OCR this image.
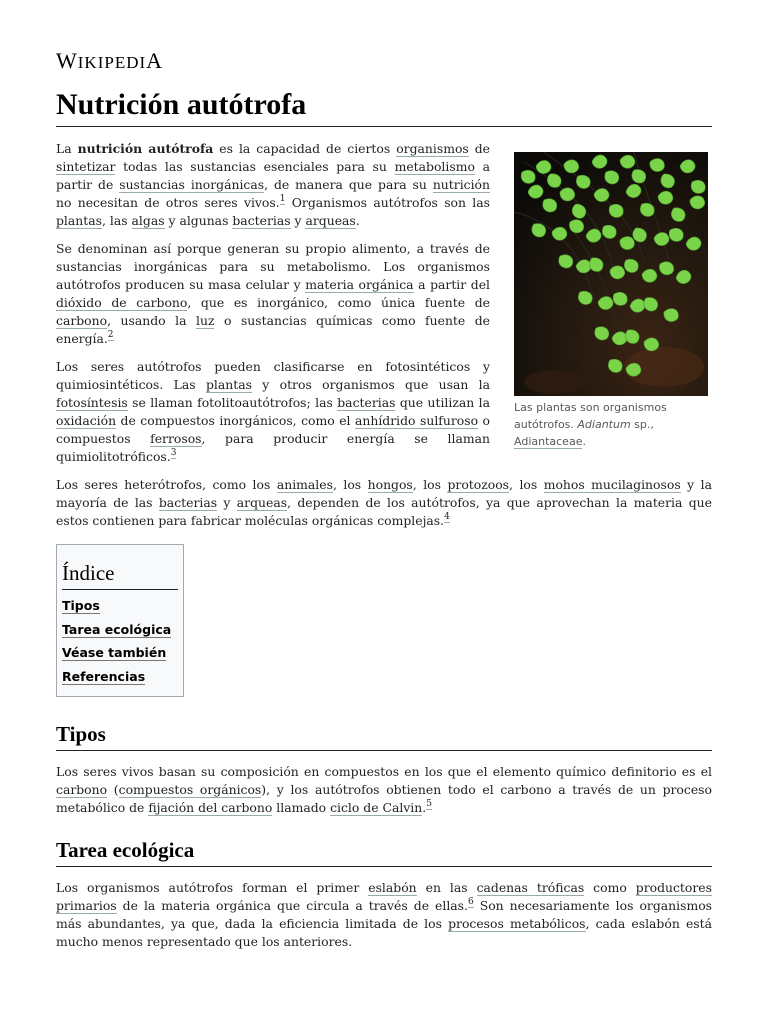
WIKIPEDIA
Nutrición autótrofa
Las plantas son organismos autótrofos. Adiantum sp., Adiantaceae.

La nutrición autótrofa es la capacidad de ciertos organismos de sintetizar todas las sustancias esenciales para su metabolismo a partir de sustancias inorgánicas, de manera que para su nutrición no necesitan de otros seres vivos.$^1$ Organismos autótrofos son las plantas, las algas y algunas bacterias y arqueas.

Se denominan así porque generan su propio alimento, a través de sustancias inorgánicas para su metabolismo. Los organismos autótrofos producen su masa celular y materia orgánica a partir del dióxido de carbono, que es inorgánico, como única fuente de carbono, usando la luz o sustancias químicas como fuente de energía.$^2$

Los seres autótrofos pueden clasificarse en fotosintéticos y quimiosintéticos. Las plantas y otros organismos que usan la fotosíntesis se llaman fotolitoautótrofos; las bacterias que utilizan la oxidación de compuestos inorgánicos, como el anhídrido sulfuroso o compuestos ferrosos, para producir energía se llaman quimiolitotróficos.$^3$

Los seres heterótrofos, como los animales, los hongos, los protozoos, los mohos mucilaginosos y la mayoría de las bacterias y arqueas, dependen de los autótrofos, ya que aprovechan la materia que estos contienen para fabricar moléculas orgánicas complejas.$^4$

Índice
Tipos
Tarea ecológica
Véase también
Referencias
Tipos

Los seres vivos basan su composición en compuestos en los que el elemento químico definitorio es el carbono (compuestos orgánicos), y los autótrofos obtienen todo el carbono a través de un proceso metabólico de fijación del carbono llamado ciclo de Calvin.$^5$

Tarea ecológica

Los organismos autótrofos forman el primer eslabón en las cadenas tróficas como productores primarios de la materia orgánica que circula a través de ellas.$^6$ Son necesariamente los organismos más abundantes, ya que, dada la eficiencia limitada de los procesos metabólicos, cada eslabón está mucho menos representado que los anteriores.
